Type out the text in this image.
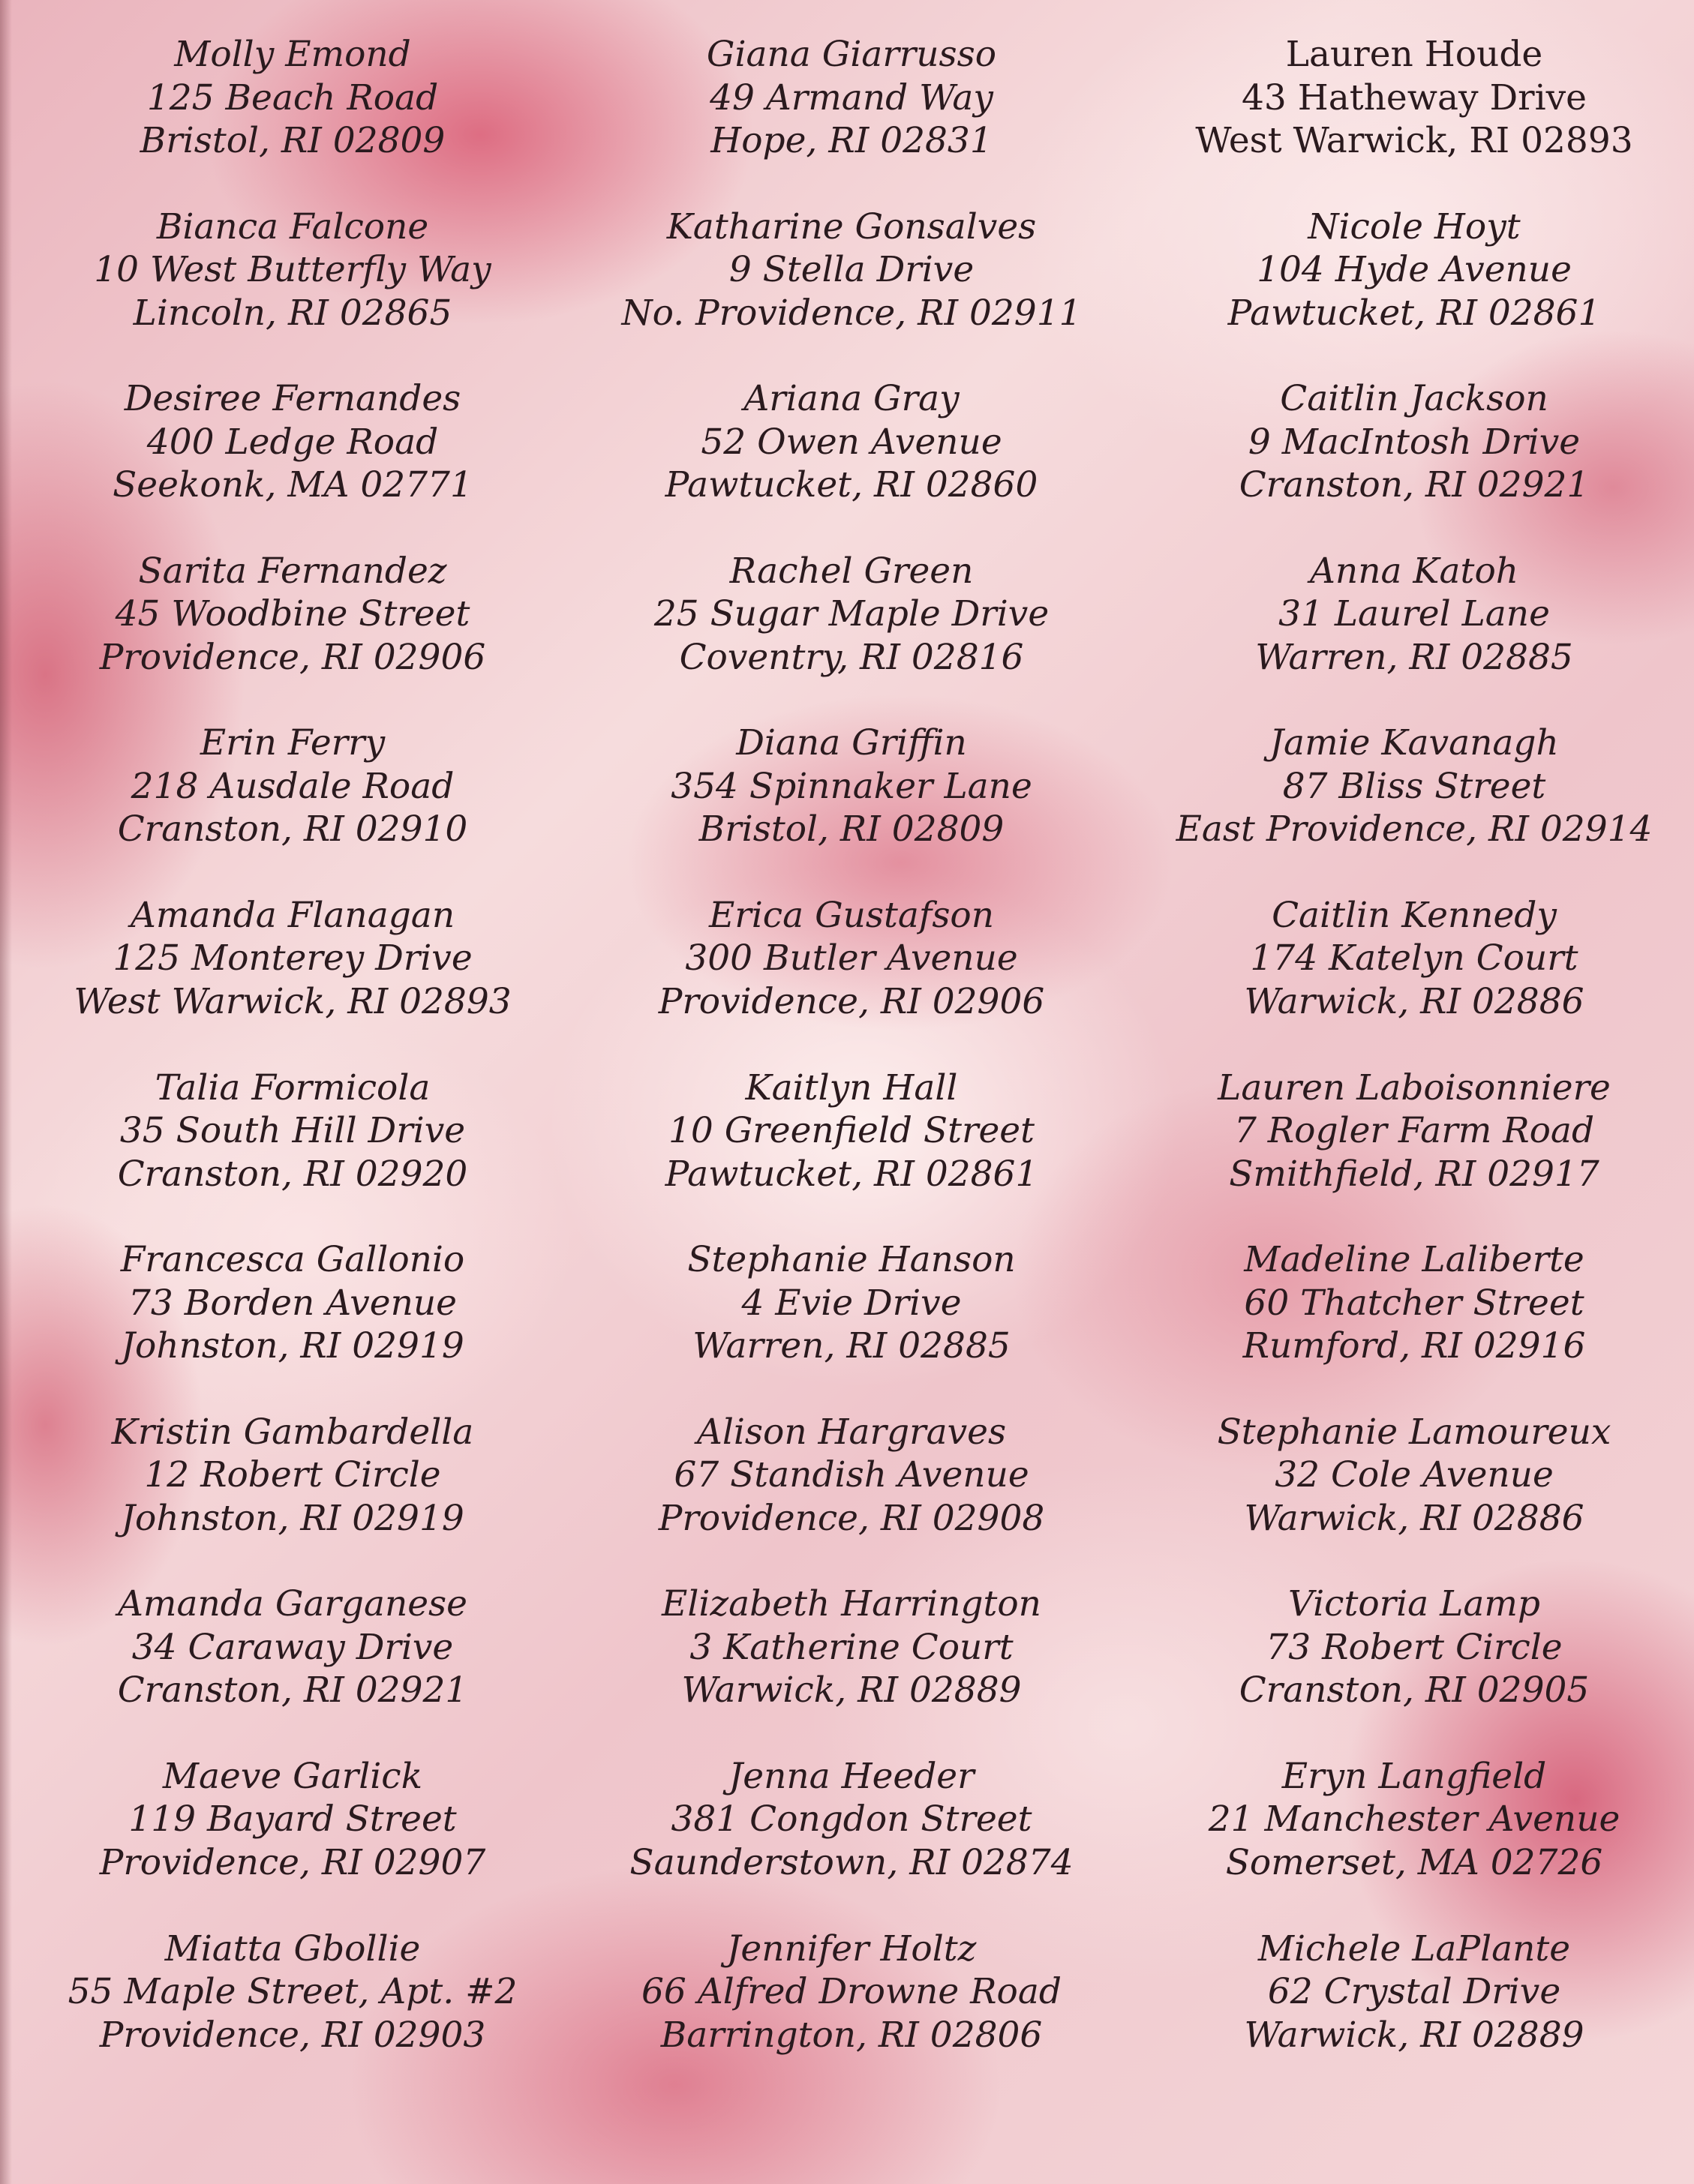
Molly Emond
125 Beach Road
Bristol, RI 02809
Bianca Falcone
10 West Butterfly Way
Lincoln, RI 02865
Desiree Fernandes
400 Ledge Road
Seekonk, MA 02771
Sarita Fernandez
45 Woodbine Street
Providence, RI 02906
Erin Ferry
218 Ausdale Road
Cranston, RI 02910
Amanda Flanagan
125 Monterey Drive
West Warwick, RI 02893
Talia Formicola
35 South Hill Drive
Cranston, RI 02920
Francesca Gallonio
73 Borden Avenue
Johnston, RI 02919
Kristin Gambardella
12 Robert Circle
Johnston, RI 02919
Amanda Garganese
34 Caraway Drive
Cranston, RI 02921
Maeve Garlick
119 Bayard Street
Providence, RI 02907
Miatta Gbollie
55 Maple Street, Apt. #2
Providence, RI 02903
Giana Giarrusso
49 Armand Way
Hope, RI 02831
Katharine Gonsalves
9 Stella Drive
No. Providence, RI 02911
Ariana Gray
52 Owen Avenue
Pawtucket, RI 02860
Rachel Green
25 Sugar Maple Drive
Coventry, RI 02816
Diana Griffin
354 Spinnaker Lane
Bristol, RI 02809
Erica Gustafson
300 Butler Avenue
Providence, RI 02906
Kaitlyn Hall
10 Greenfield Street
Pawtucket, RI 02861
Stephanie Hanson
4 Evie Drive
Warren, RI 02885
Alison Hargraves
67 Standish Avenue
Providence, RI 02908
Elizabeth Harrington
3 Katherine Court
Warwick, RI 02889
Jenna Heeder
381 Congdon Street
Saunderstown, RI 02874
Jennifer Holtz
66 Alfred Drowne Road
Barrington, RI 02806
Lauren Houde
43 Hatheway Drive
West Warwick, RI 02893
Nicole Hoyt
104 Hyde Avenue
Pawtucket, RI 02861
Caitlin Jackson
9 MacIntosh Drive
Cranston, RI 02921
Anna Katoh
31 Laurel Lane
Warren, RI 02885
Jamie Kavanagh
87 Bliss Street
East Providence, RI 02914
Caitlin Kennedy
174 Katelyn Court
Warwick, RI 02886
Lauren Laboisonniere
7 Rogler Farm Road
Smithfield, RI 02917
Madeline Laliberte
60 Thatcher Street
Rumford, RI 02916
Stephanie Lamoureux
32 Cole Avenue
Warwick, RI 02886
Victoria Lamp
73 Robert Circle
Cranston, RI 02905
Eryn Langfield
21 Manchester Avenue
Somerset, MA 02726
Michele LaPlante
62 Crystal Drive
Warwick, RI 02889
